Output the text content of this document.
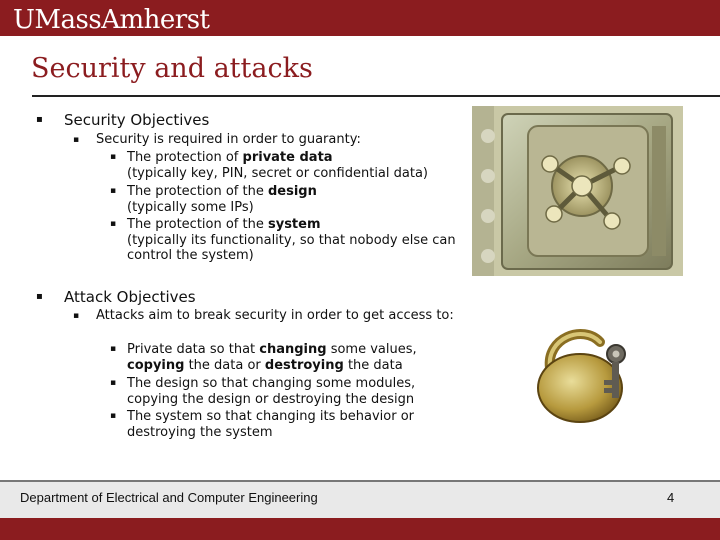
UMassAmherst
Security and attacks
▪ Security Objectives
▪ Security is required in order to guaranty:
▪ The protection of private data
(typically key, PIN, secret or confidential data)
▪ The protection of the design
(typically some IPs)
▪ The protection of the system
(typically its functionality, so that nobody else can control the system)
▪ Attack Objectives
▪ Attacks aim to break security in order to get access to:
▪ Private data so that changing some values, copying the data or destroying the data
▪ The design so that changing some modules, copying the design or destroying the design
▪ The system so that changing its behavior or destroying the system
Department of Electrical and Computer Engineering	4
